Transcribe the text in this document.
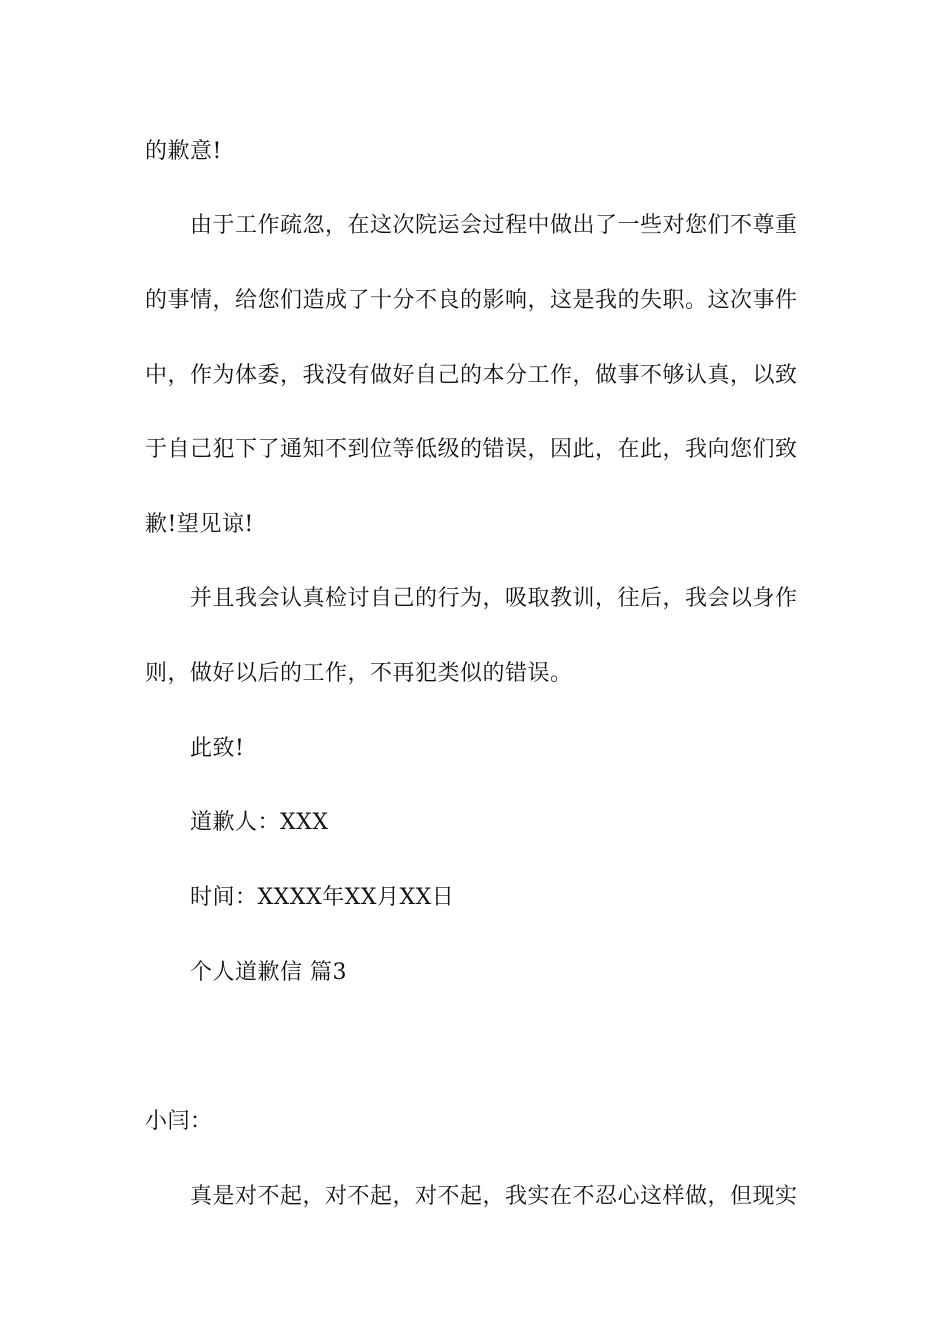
的歉意!
由于工作疏忽，在这次院运会过程中做出了一些对您们不尊重
的事情，给您们造成了十分不良的影响，这是我的失职。这次事件
中，作为体委，我没有做好自己的本分工作，做事不够认真，以致
于自己犯下了通知不到位等低级的错误，因此，在此，我向您们致
歉!望见谅!
并且我会认真检讨自己的行为，吸取教训，往后，我会以身作
则，做好以后的工作，不再犯类似的错误。
此致!
道歉人：XXX
时间：XXXX年XX月XX日
个人道歉信 篇3
小闫：
真是对不起，对不起，对不起，我实在不忍心这样做，但现实
